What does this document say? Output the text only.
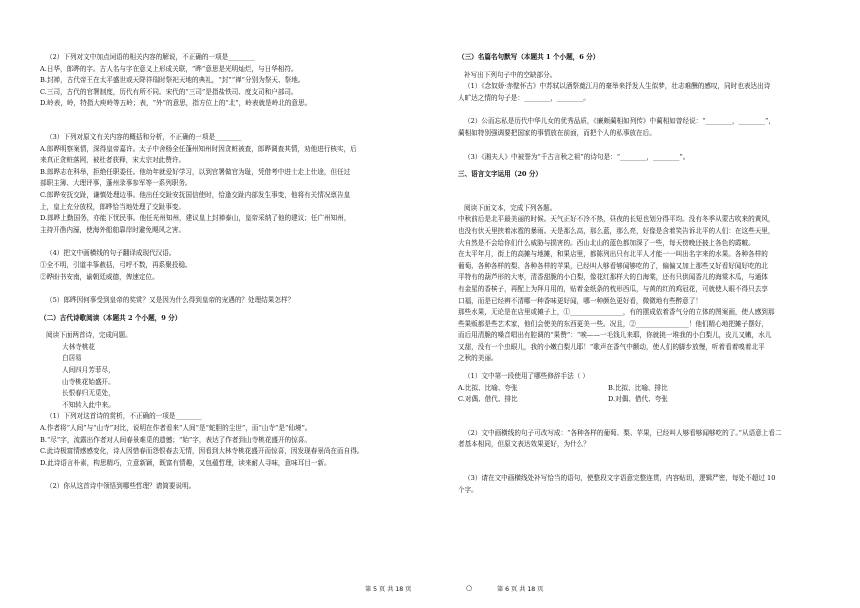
（2）下列对文中加点词语的相关内容的解说，不正确的一项是________

A.日华，郎晔的字。古人名与字在意义上形成关联，“晔”意思是光明灿烂，与日华相符。

B.封禅，古代帝王在太平盛世或天降祥瑞时祭祀天地的典礼，“封”“禅”分别为祭天、祭地。

C.三司，古代的官署制度，历代有所不同。宋代的“三司”是指盐铁司、度支司和户部司。

D.岭表，岭，特指大庾岭等五岭；表，“外”的意思，指方位上的“北”，岭表就是岭北的意思。

（3）下列对原文有关内容的概括和分析，不正确的一项是________

A.郎晔明察案情，深得皇帝嘉许。太子中舍杨全任蓬州知州时因贪赃被查，郎晔调查其情，劝他进行核实，后

来真正贪赃落网，被杜者获释，宋太宗对此赞许。

B.郎晔志在科举，拒绝任职委任。他幼年就爱好学习，以到官署做官为耻，凭借考中进士走上仕途，但任过

部职主簿、大理评事，蓬州录事参军等一系列职务。

C.郎晔安抚交趾，谦慎处理边事。他出任交趾安抚国信使时，恰逢交趾内部发生事变，他将有关情况禀告皇

上，皇上充分放权，郎晔恰当地处理了交趾事变。

D.郎晔上勤国务，亦能下忧民事。他任光州知州，建议皇上封禅泰山，皇帝采纳了他的建议；任广州知州，

主持开凿内濠，使海外船舶靠岸时避免飓风之害。

（4）把文中画横线的句子翻译成现代汉语。

①全不明，引道丰筝赦括，弓呼不数，再系聚投稳。

②晔盼书安南，谕朝廷威德，俾速定位。

（5）郎晔因何事受到皇帝的奖赏？又是因为什么得到皇帝的宠遇的？处理结果怎样？

（二）古代诗歌阅读（本题共 2 个小题，9 分）

阅读下面两首诗，完成问题。

大林寺桃花

白居易

人间四月芳菲尽，

山寺桃花始盛开。

长恨春归无觅处，

不知转入此中来。

（1）下列对这首诗的赏析，不正确的一项是________

A.作者将“人间”与“山寺”对比，说明在作者看来“人间”是“蛇胆的尘世”，而“山寺”是“仙境”。

B.“尽”字，流露出作者对人间春景难觅的遗憾；“始”字，表达了作者到山寺桃花盛开的惊喜。

C.此诗极富情感感变化，诗人因惜春而怨恨春去无情，因看到大林寺桃花盛开而惊喜，因发现春景尚在而自得。

D.此诗语言朴素，构思精巧，立意新颖，既富有情趣，又包蕴哲理，读来耐人寻味，意味耳目一新。

（2）你从这首诗中领悟到哪些哲理？请简要说明。

（三）名篇名句默写（本题共 1 个小题，6 分）

补写出下列句子中的空缺部分。

（1）《念奴娇·赤壁怀古》中苏轼以酒祭奠江月的豪举来抒发人生似梦，壮志难酬的感叹，同时也表达出诗

人旷达之情的句子是：________，________。

（2）公而忘私是历代中华儿女的优秀品质，《廉颇蔺相如列传》中蔺相如曾经说：“________，________”，

蔺相如特别强调要把国家的事情放在前面，而把个人的私事放在后。

（3）《湘夫人》中被誉为“千古言秋之祖”的诗句是：“________，________”。

三、语言文字运用（20 分）

阅读下面文本，完成下列各题。

中秋前后是北平最美丽的时候。天气正好不冷不热，昼夜的长短也划分得平均。没有冬季从蒙古吹来的黄风，

也没有伏天里挟着冰雹的暴雨。天是那么高，那么蓝，那么亮，好像是含着笑告诉北平的人们：在这些天里，

大自然是不会给你们什么威胁与损害的。西山北山的蓝色都加深了一些，每天傍晚还披上各色的霞帔。

在太平年月，街上的高摊与地摊，和果店里，都陈列出只有北平人才能一一叫出名字来的水果。各种各样的

葡萄、各种各样的梨、各种各样的苹果，已经叫人够看够闻够吃的了，偏偏又加上那些又好看好闻好吃的北

平特有的葫芦形的大枣，清香甜脆的小白梨，像花红那样大的白海棠，还有只供闻香儿的海棠木瓜，与通体

有金星的香槟子，再配上为拜月用的，贴着金纸条的枕形西瓜，与黄的红的鸡冠花，可就使人眼不得只去享

口福，而是已经辨不清哪一种香味更好闻，哪一种颜色更好看，微微地有些醉意了！

那些水果，无论是在店里或摊子上，①________________，有的摆成依着香气分的立体的图案画，使人感到那

些果贩都是些艺术家，他们会使美的东西更美一些。况且，②________________！他们精心地把摊子摆好，

而后用清脆的嗓音唱出有腔调的“果赞”：“唉——一毛钱儿来耶，你就挑一堆我的小白梨儿，皮儿又嫩，水儿

又甜，没有一个虫眼儿，我的小嫩白梨儿耶！”歌声在香气中颤动，使人们的脚步放慢，听着看着嗅着北平

之秋的美丽。

（1）文中第一段使用了哪些修辞手法（ ）

A.比拟、比喻、夸张	B.比拟、比喻、排比
C.对偶、借代、排比	D.对偶、借代、夸张

（2）文中画横线的句子可改写成：“各种各样的葡萄、梨、苹果，已经叫人够看够闻够吃的了。”从语意上看二

者基本相同，但原文表达效果更好，为什么？

（3）请在文中画横线处补写恰当的语句，使整段文字语意完整连贯，内容贴切，逻辑严密，每处不超过 10

个字。

第 5 页 共 18 页	○	第 6 页 共 18 页
